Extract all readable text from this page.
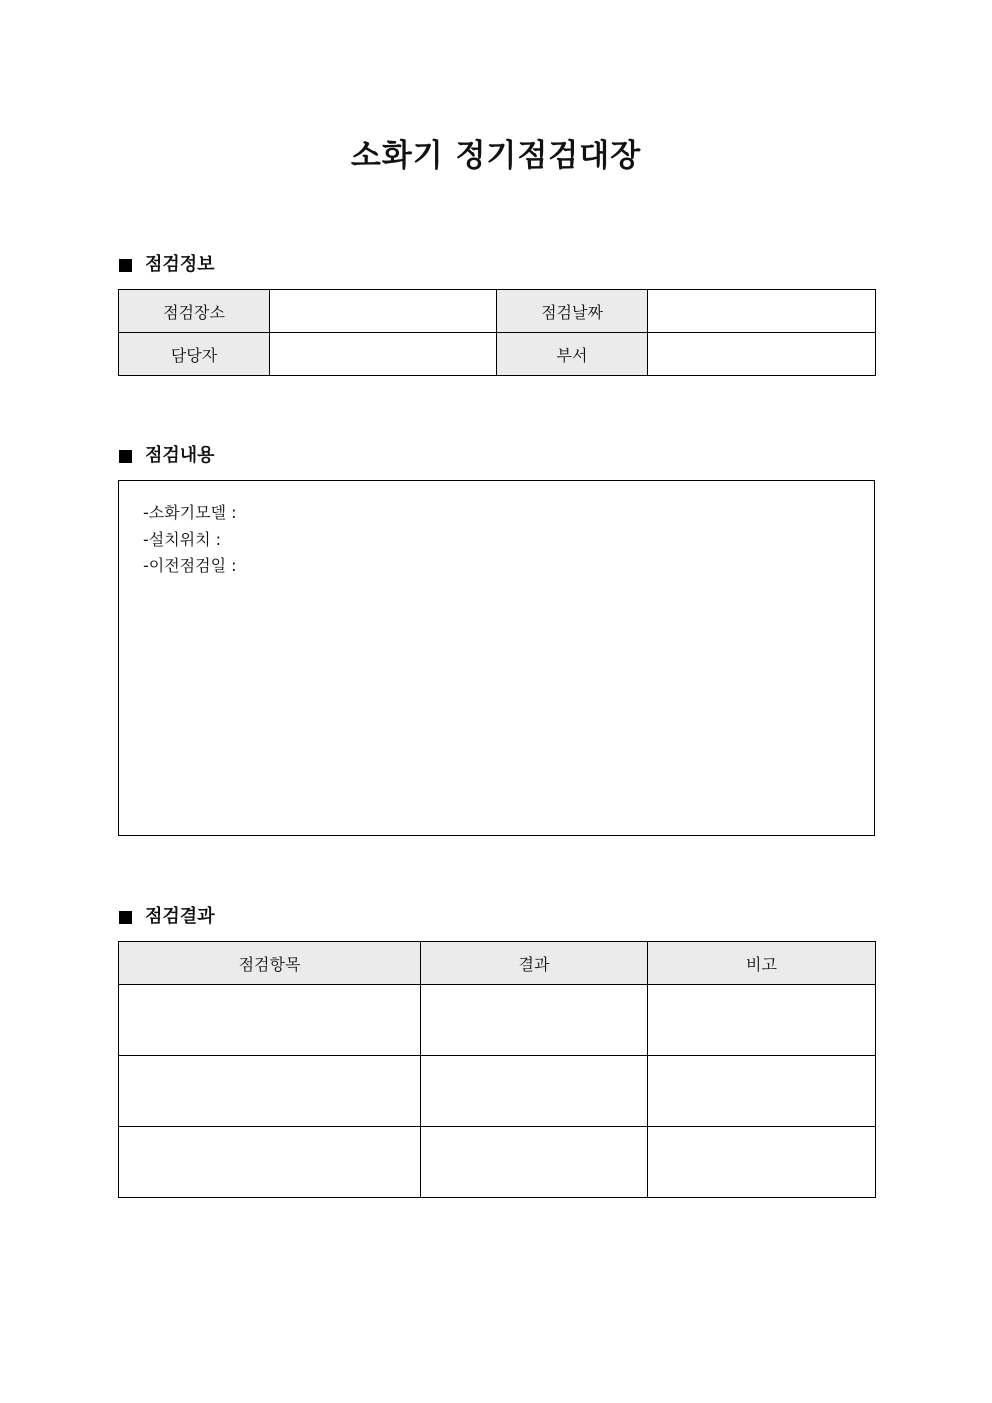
소화기 정기점검대장
점검정보
점검장소		점검날짜	
담당자		부서	
점검내용
-소화기모델 :
-설치위치 :
-이전점검일 :
점검결과
점검항목	결과	비고
